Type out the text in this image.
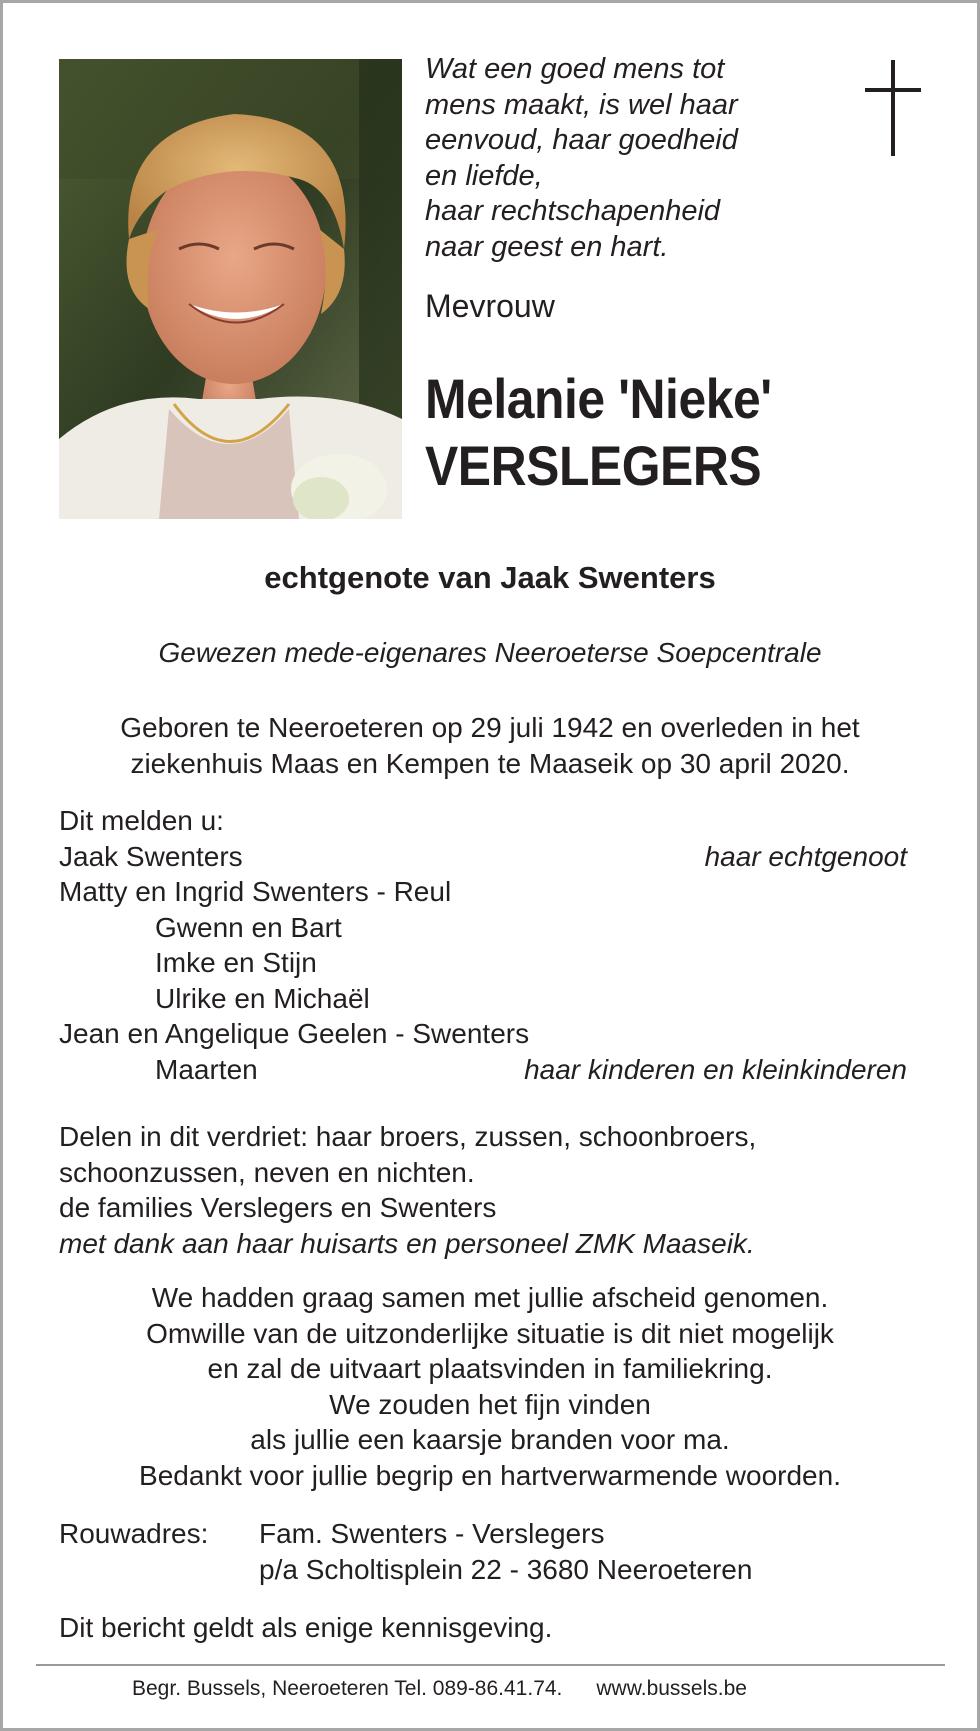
Wat een goed mens tot
mens maakt, is wel haar
eenvoud, haar goedheid
en liefde,
haar rechtschapenheid
naar geest en hart.
Mevrouw
Melanie 'Nieke'
VERSLEGERS
echtgenote van Jaak Swenters
Gewezen mede-eigenares Neeroeterse Soepcentrale
Geboren te Neeroeteren op 29 juli 1942 en overleden in het
ziekenhuis Maas en Kempen te Maaseik op 30 april 2020.
Dit melden u:
Jaak Swenters	haar echtgenoot
Matty en Ingrid Swenters - Reul
Gwenn en Bart
Imke en Stijn
Ulrike en Michaël
Jean en Angelique Geelen - Swenters
Maarten	haar kinderen en kleinkinderen
Delen in dit verdriet: haar broers, zussen, schoonbroers,
schoonzussen, neven en nichten.
de families Verslegers en Swenters
met dank aan haar huisarts en personeel ZMK Maaseik.
We hadden graag samen met jullie afscheid genomen.
Omwille van de uitzonderlijke situatie is dit niet mogelijk
en zal de uitvaart plaatsvinden in familiekring.
We zouden het fijn vinden
als jullie een kaarsje branden voor ma.
Bedankt voor jullie begrip en hartverwarmende woorden.
Rouwadres: Fam. Swenters - Verslegers
p/a Scholtisplein 22 - 3680 Neeroeteren
Dit bericht geldt als enige kennisgeving.
Begr. Bussels, Neeroeteren Tel. 089-86.41.74. www.bussels.be
